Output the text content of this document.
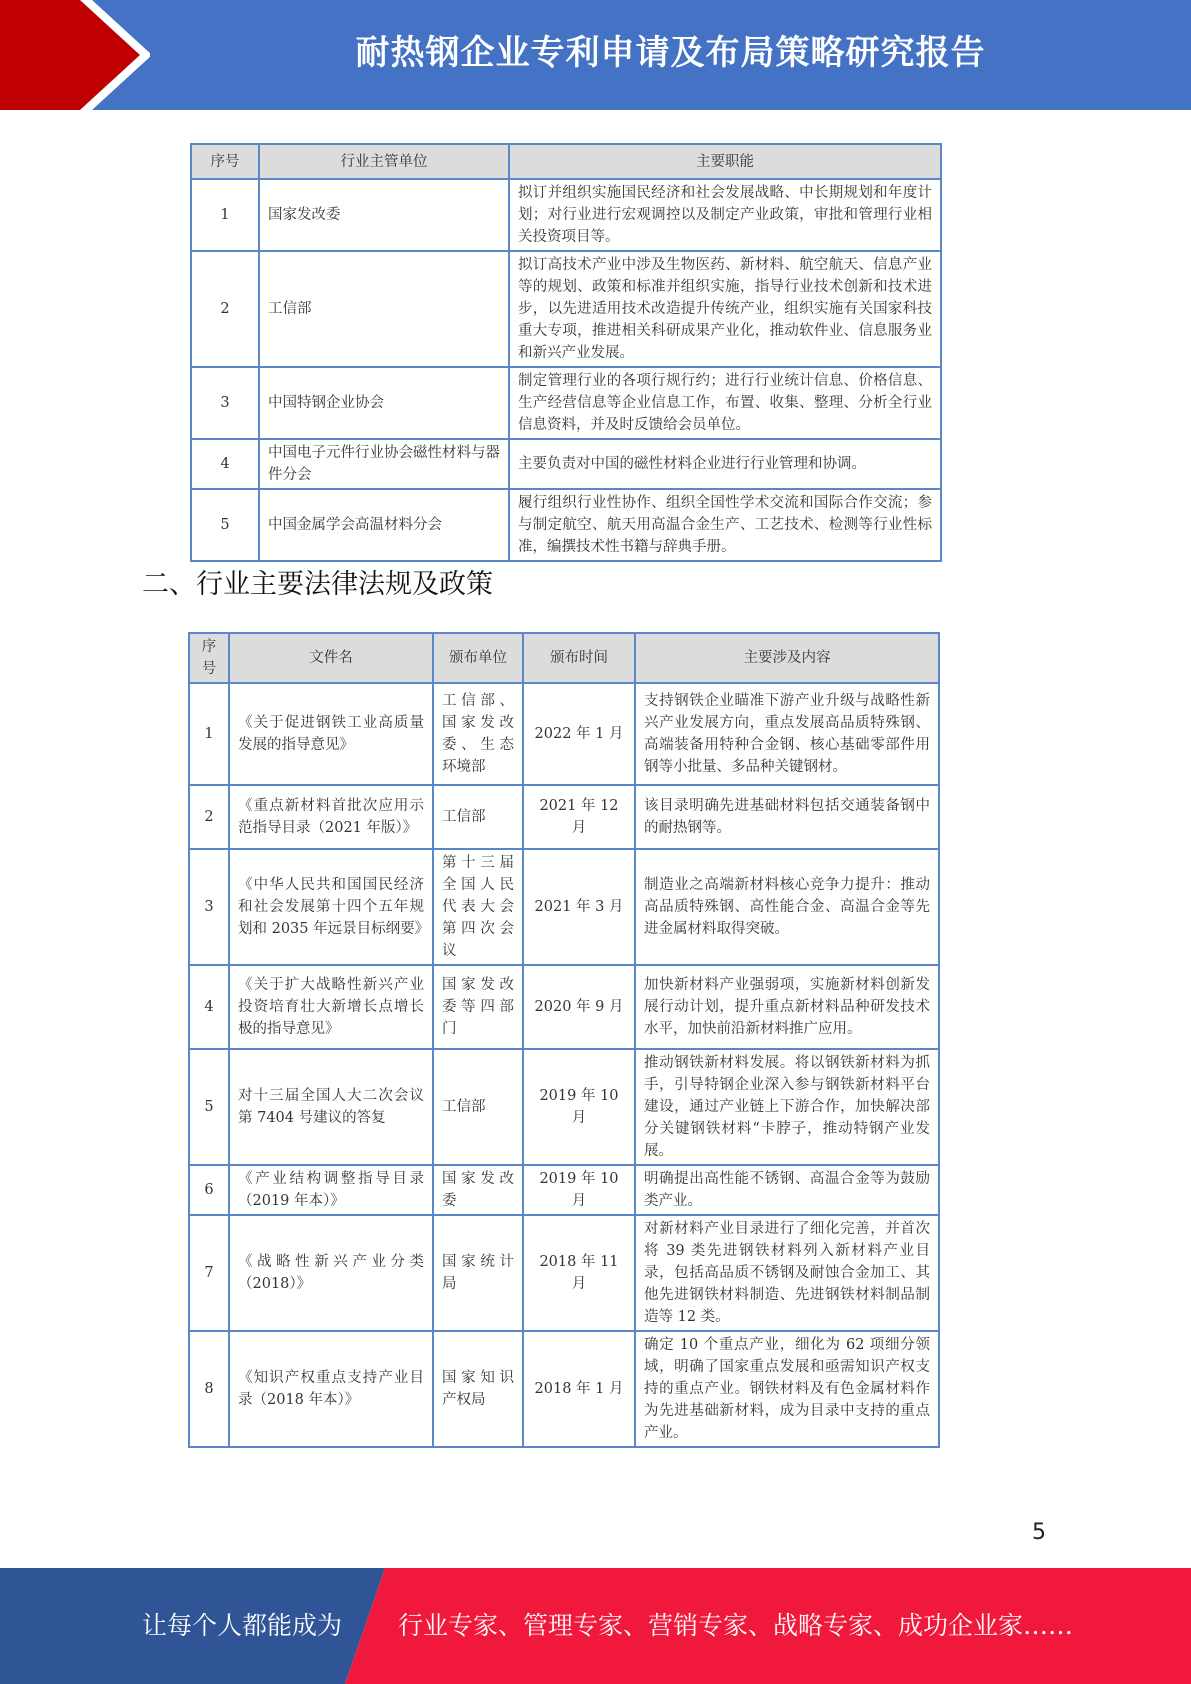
耐热钢企业专利申请及布局策略研究报告
序号	行业主管单位	主要职能
1	国家发改委	拟订并组织实施国民经济和社会发展战略、中长期规划和年度计划；对行业进行宏观调控以及制定产业政策，审批和管理行业相关投资项目等。
2	工信部	拟订高技术产业中涉及生物医药、新材料、航空航天、信息产业等的规划、政策和标准并组织实施，指导行业技术创新和技术进步，以先进适用技术改造提升传统产业，组织实施有关国家科技重大专项，推进相关科研成果产业化，推动软件业、信息服务业和新兴产业发展。
3	中国特钢企业协会	制定管理行业的各项行规行约；进行行业统计信息、价格信息、生产经营信息等企业信息工作，布置、收集、整理、分析全行业信息资料，并及时反馈给会员单位。
4	中国电子元件行业协会磁性材料与器件分会	主要负责对中国的磁性材料企业进行行业管理和协调。
5	中国金属学会高温材料分会	履行组织行业性协作、组织全国性学术交流和国际合作交流；参与制定航空、航天用高温合金生产、工艺技术、检测等行业性标准，编撰技术性书籍与辞典手册。
二、行业主要法律法规及政策
序号	文件名	颁布单位	颁布时间	主要涉及内容
1	《关于促进钢铁工业高质量发展的指导意见》	工信部、国家发改委、生态环境部	2022 年 1 月	支持钢铁企业瞄准下游产业升级与战略性新兴产业发展方向，重点发展高品质特殊钢、高端装备用特种合金钢、核心基础零部件用钢等小批量、多品种关键钢材。
2	《重点新材料首批次应用示范指导目录（2021 年版）》	工信部	2021 年 12 月	该目录明确先进基础材料包括交通装备钢中的耐热钢等。
3	《中华人民共和国国民经济和社会发展第十四个五年规划和 2035 年远景目标纲要》	第十三届全国人民代表大会第四次会议	2021 年 3 月	制造业之高端新材料核心竞争力提升：推动高品质特殊钢、高性能合金、高温合金等先进金属材料取得突破。
4	《关于扩大战略性新兴产业投资培育壮大新增长点增长极的指导意见》	国家发改委等四部门	2020 年 9 月	加快新材料产业强弱项，实施新材料创新发展行动计划，提升重点新材料品种研发技术水平，加快前沿新材料推广应用。
5	对十三届全国人大二次会议第 7404 号建议的答复	工信部	2019 年 10 月	推动钢铁新材料发展。将以钢铁新材料为抓手，引导特钢企业深入参与钢铁新材料平台建设，通过产业链上下游合作，加快解决部分关键钢铁材料“卡脖子，推动特钢产业发展。
6	《产业结构调整指导目录（2019 年本）》	国家发改委	2019 年 10 月	明确提出高性能不锈钢、高温合金等为鼓励类产业。
7	《战略性新兴产业分类（2018）》	国家统计局	2018 年 11 月	对新材料产业目录进行了细化完善，并首次将 39 类先进钢铁材料列入新材料产业目录，包括高品质不锈钢及耐蚀合金加工、其他先进钢铁材料制造、先进钢铁材料制品制造等 12 类。
8	《知识产权重点支持产业目录（2018 年本）》	国家知识产权局	2018 年 1 月	确定 10 个重点产业，细化为 62 项细分领域，明确了国家重点发展和亟需知识产权支持的重点产业。钢铁材料及有色金属材料作为先进基础新材料，成为目录中支持的重点产业。
5
让每个人都能成为 行业专家、管理专家、营销专家、战略专家、成功企业家……
